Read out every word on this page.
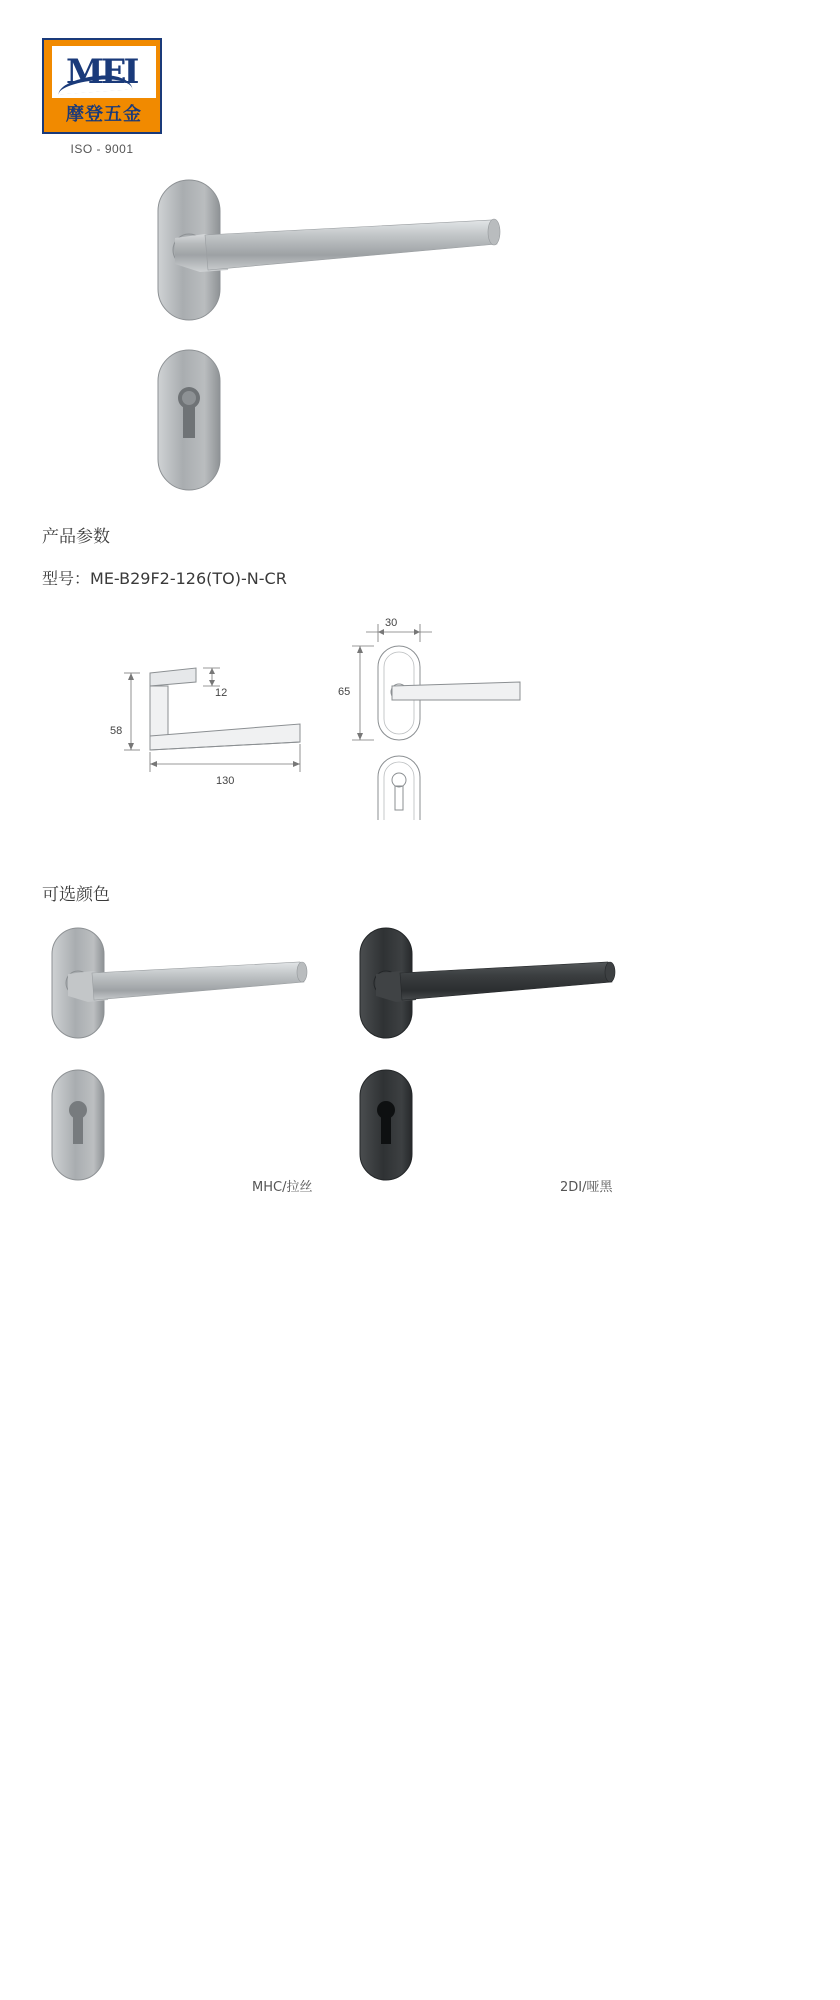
MEI
摩登五金
ISO - 9001
产品参数
型号：ME-B29F2-126(TO)-N-CR
12
58
130
30
65
可选颜色
MHC/拉丝	2DI/哑黑
